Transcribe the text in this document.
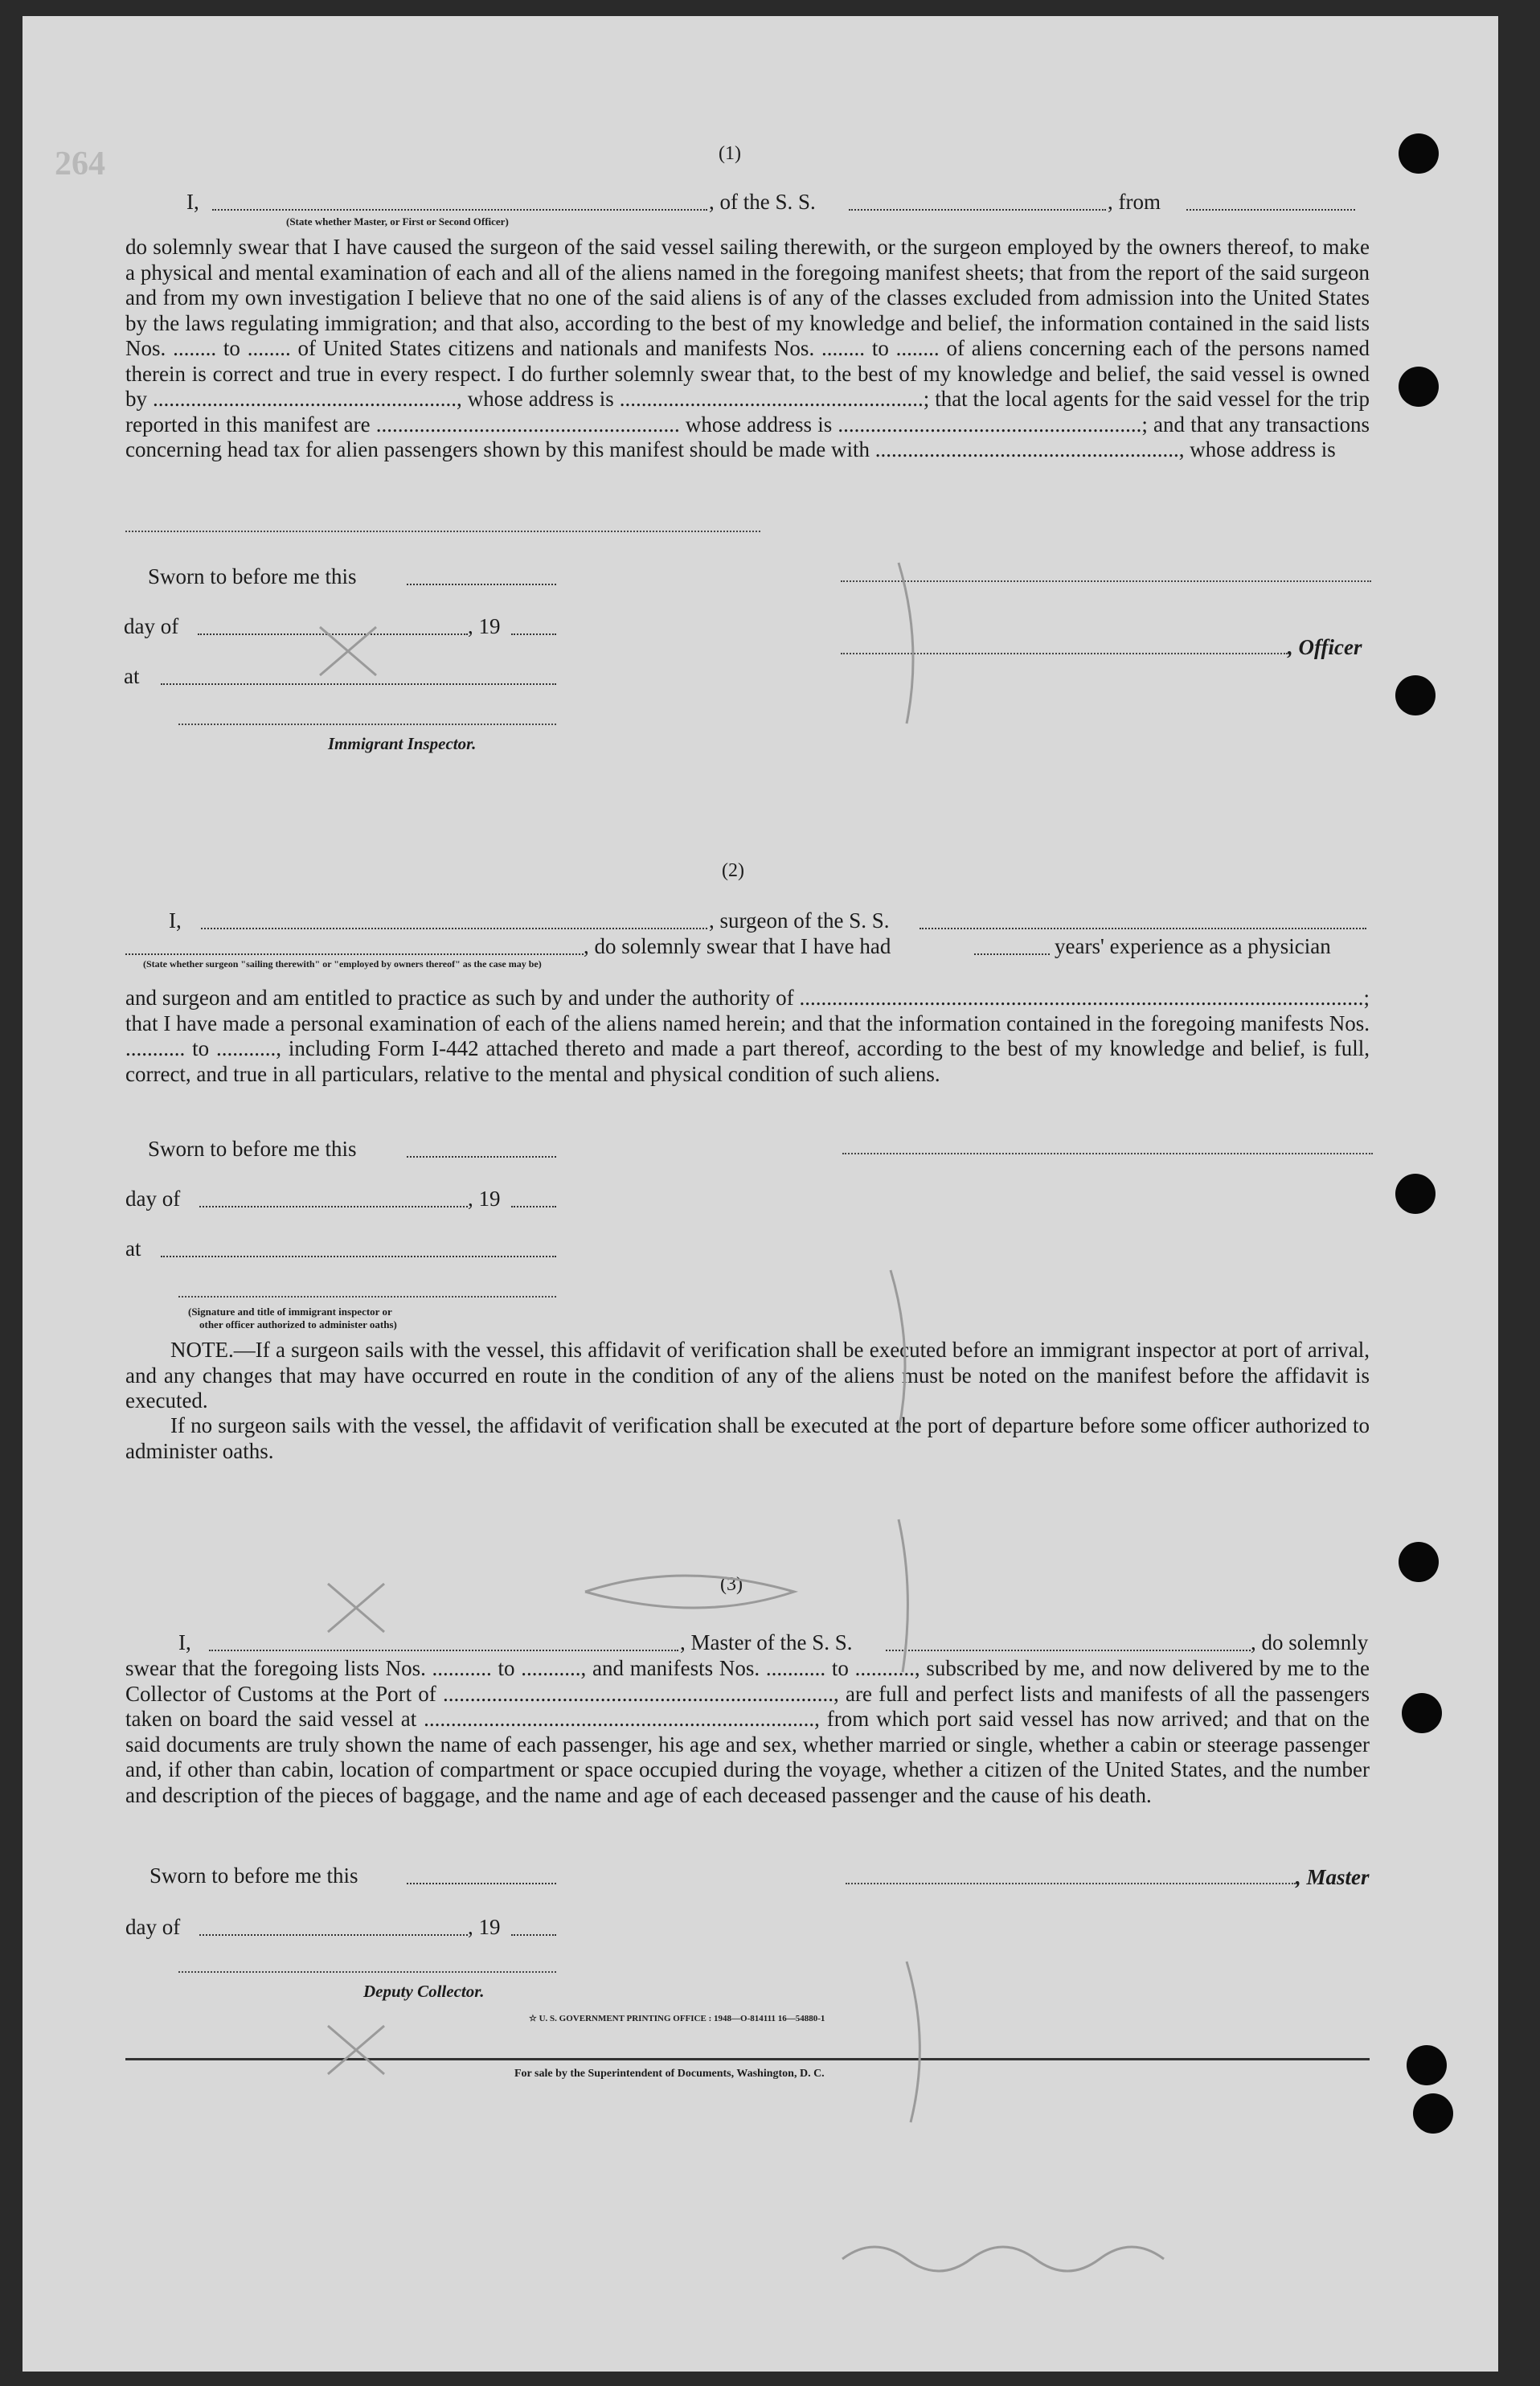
264	(1)
I,	, of the S. S.	, from
(State whether Master, or First or Second Officer)
do solemnly swear that I have caused the surgeon of the said vessel sailing therewith, or the surgeon employed by the owners thereof, to make a physical and mental examination of each and all of the aliens named in the foregoing manifest sheets; that from the report of the said surgeon and from my own investigation I believe that no one of the said aliens is of any of the classes excluded from admission into the United States by the laws regulating immigration; and that also, according to the best of my knowledge and belief, the information contained in the said lists Nos. ........ to ........ of United States citizens and nationals and manifests Nos. ........ to ........ of aliens concerning each of the persons named therein is correct and true in every respect. I do further solemnly swear that, to the best of my knowledge and belief, the said vessel is owned by ........................................................, whose address is ........................................................; that the local agents for the said vessel for the trip reported in this manifest are ........................................................ whose address is ........................................................; and that any transactions concerning head tax for alien passengers shown by this manifest should be made with ........................................................, whose address is
Sworn to before me this
day of	, 19
, Officer
at
Immigrant Inspector.
(2)
I,	, surgeon of the S. S.
, do solemnly swear that I have had	years' experience as a physician
(State whether surgeon "sailing therewith" or "employed by owners thereof" as the case may be)
and surgeon and am entitled to practice as such by and under the authority of ........................................................................................................; that I have made a personal examination of each of the aliens named herein; and that the information contained in the foregoing manifests Nos. ........... to ..........., including Form I-442 attached thereto and made a part thereof, according to the best of my knowledge and belief, is full, correct, and true in all particulars, relative to the mental and physical condition of such aliens.
Sworn to before me this
day of	, 19
at
(Signature and title of immigrant inspector or
other officer authorized to administer oaths)
NOTE.—If a surgeon sails with the vessel, this affidavit of verification shall be executed before an immigrant inspector at port of arrival, and any changes that may have occurred en route in the condition of any of the aliens must be noted on the manifest before the affidavit is executed.
If no surgeon sails with the vessel, the affidavit of verification shall be executed at the port of departure before some officer authorized to administer oaths.
(3)
I,	, Master of the S. S.	, do solemnly
swear that the foregoing lists Nos. ........... to ..........., and manifests Nos. ........... to ..........., subscribed by me, and now delivered by me to the Collector of Customs at the Port of ........................................................................, are full and perfect lists and manifests of all the passengers taken on board the said vessel at ........................................................................, from which port said vessel has now arrived; and that on the said documents are truly shown the name of each passenger, his age and sex, whether married or single, whether a cabin or steerage passenger and, if other than cabin, location of compartment or space occupied during the voyage, whether a citizen of the United States, and the number and description of the pieces of baggage, and the name and age of each deceased passenger and the cause of his death.
Sworn to before me this	, Master
day of	, 19
Deputy Collector.
☆ U. S. GOVERNMENT PRINTING OFFICE : 1948—O-814111 16—54880-1
For sale by the Superintendent of Documents, Washington, D. C.
